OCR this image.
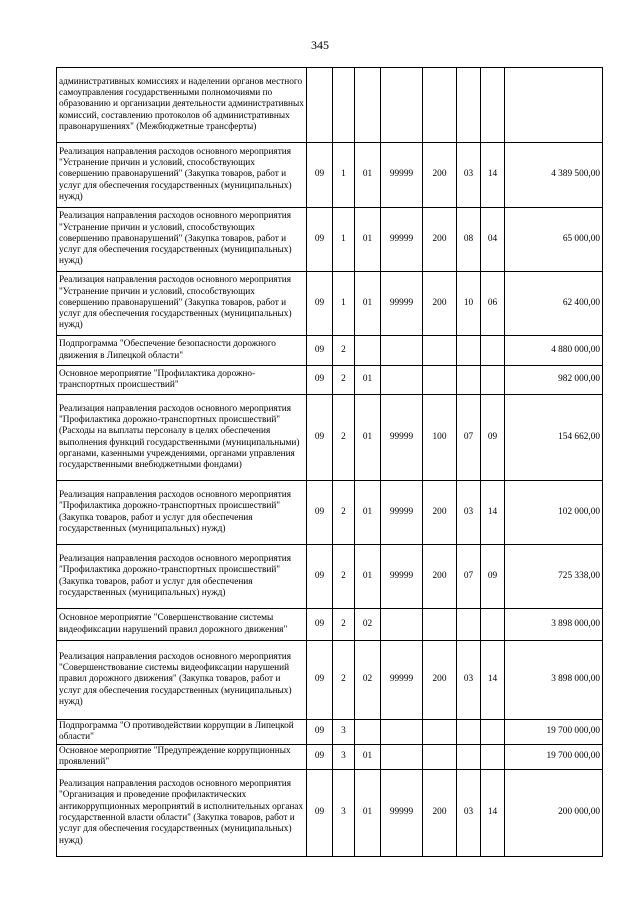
345
административных комиссиях и наделении органов местного самоуправления государственными полномочиями по образованию и организации деятельности административных комиссий, составлению протоколов об административных правонарушениях" (Межбюджетные трансферты)								
Реализация направления расходов основного мероприятия "Устранение причин и условий, способствующих совершению правонарушений" (Закупка товаров, работ и услуг для обеспечения государственных (муниципальных) нужд)	09	1	01	99999	200	03	14	4 389 500,00
Реализация направления расходов основного мероприятия "Устранение причин и условий, способствующих совершению правонарушений" (Закупка товаров, работ и услуг для обеспечения государственных (муниципальных) нужд)	09	1	01	99999	200	08	04	65 000,00
Реализация направления расходов основного мероприятия "Устранение причин и условий, способствующих совершению правонарушений" (Закупка товаров, работ и услуг для обеспечения государственных (муниципальных) нужд)	09	1	01	99999	200	10	06	62 400,00
Подпрограмма "Обеспечение безопасности дорожного движения в Липецкой области"	09	2						4 880 000,00
Основное мероприятие "Профилактика дорожно-транспортных происшествий"	09	2	01					982 000,00
Реализация направления расходов основного мероприятия "Профилактика дорожно-транспортных происшествий" (Расходы на выплаты персоналу в целях обеспечения выполнения функций государственными (муниципальными) органами, казенными учреждениями, органами управления государственными внебюджетными фондами)	09	2	01	99999	100	07	09	154 662,00
Реализация направления расходов основного мероприятия "Профилактика дорожно-транспортных происшествий" (Закупка товаров, работ и услуг для обеспечения государственных (муниципальных) нужд)	09	2	01	99999	200	03	14	102 000,00
Реализация направления расходов основного мероприятия "Профилактика дорожно-транспортных происшествий" (Закупка товаров, работ и услуг для обеспечения государственных (муниципальных) нужд)	09	2	01	99999	200	07	09	725 338,00
Основное мероприятие "Совершенствование системы видеофиксации нарушений правил дорожного движения"	09	2	02					3 898 000,00
Реализация направления расходов основного мероприятия "Совершенствование системы видеофиксации нарушений правил дорожного движения" (Закупка товаров, работ и услуг для обеспечения государственных (муниципальных) нужд)	09	2	02	99999	200	03	14	3 898 000,00
Подпрограмма "О противодействии коррупции в Липецкой области"	09	3						19 700 000,00
Основное мероприятие "Предупреждение коррупционных проявлений"	09	3	01					19 700 000,00
Реализация направления расходов основного мероприятия "Организация и проведение профилактических антикоррупционных мероприятий в исполнительных органах государственной власти области" (Закупка товаров, работ и услуг для обеспечения государственных (муниципальных) нужд)	09	3	01	99999	200	03	14	200 000,00
